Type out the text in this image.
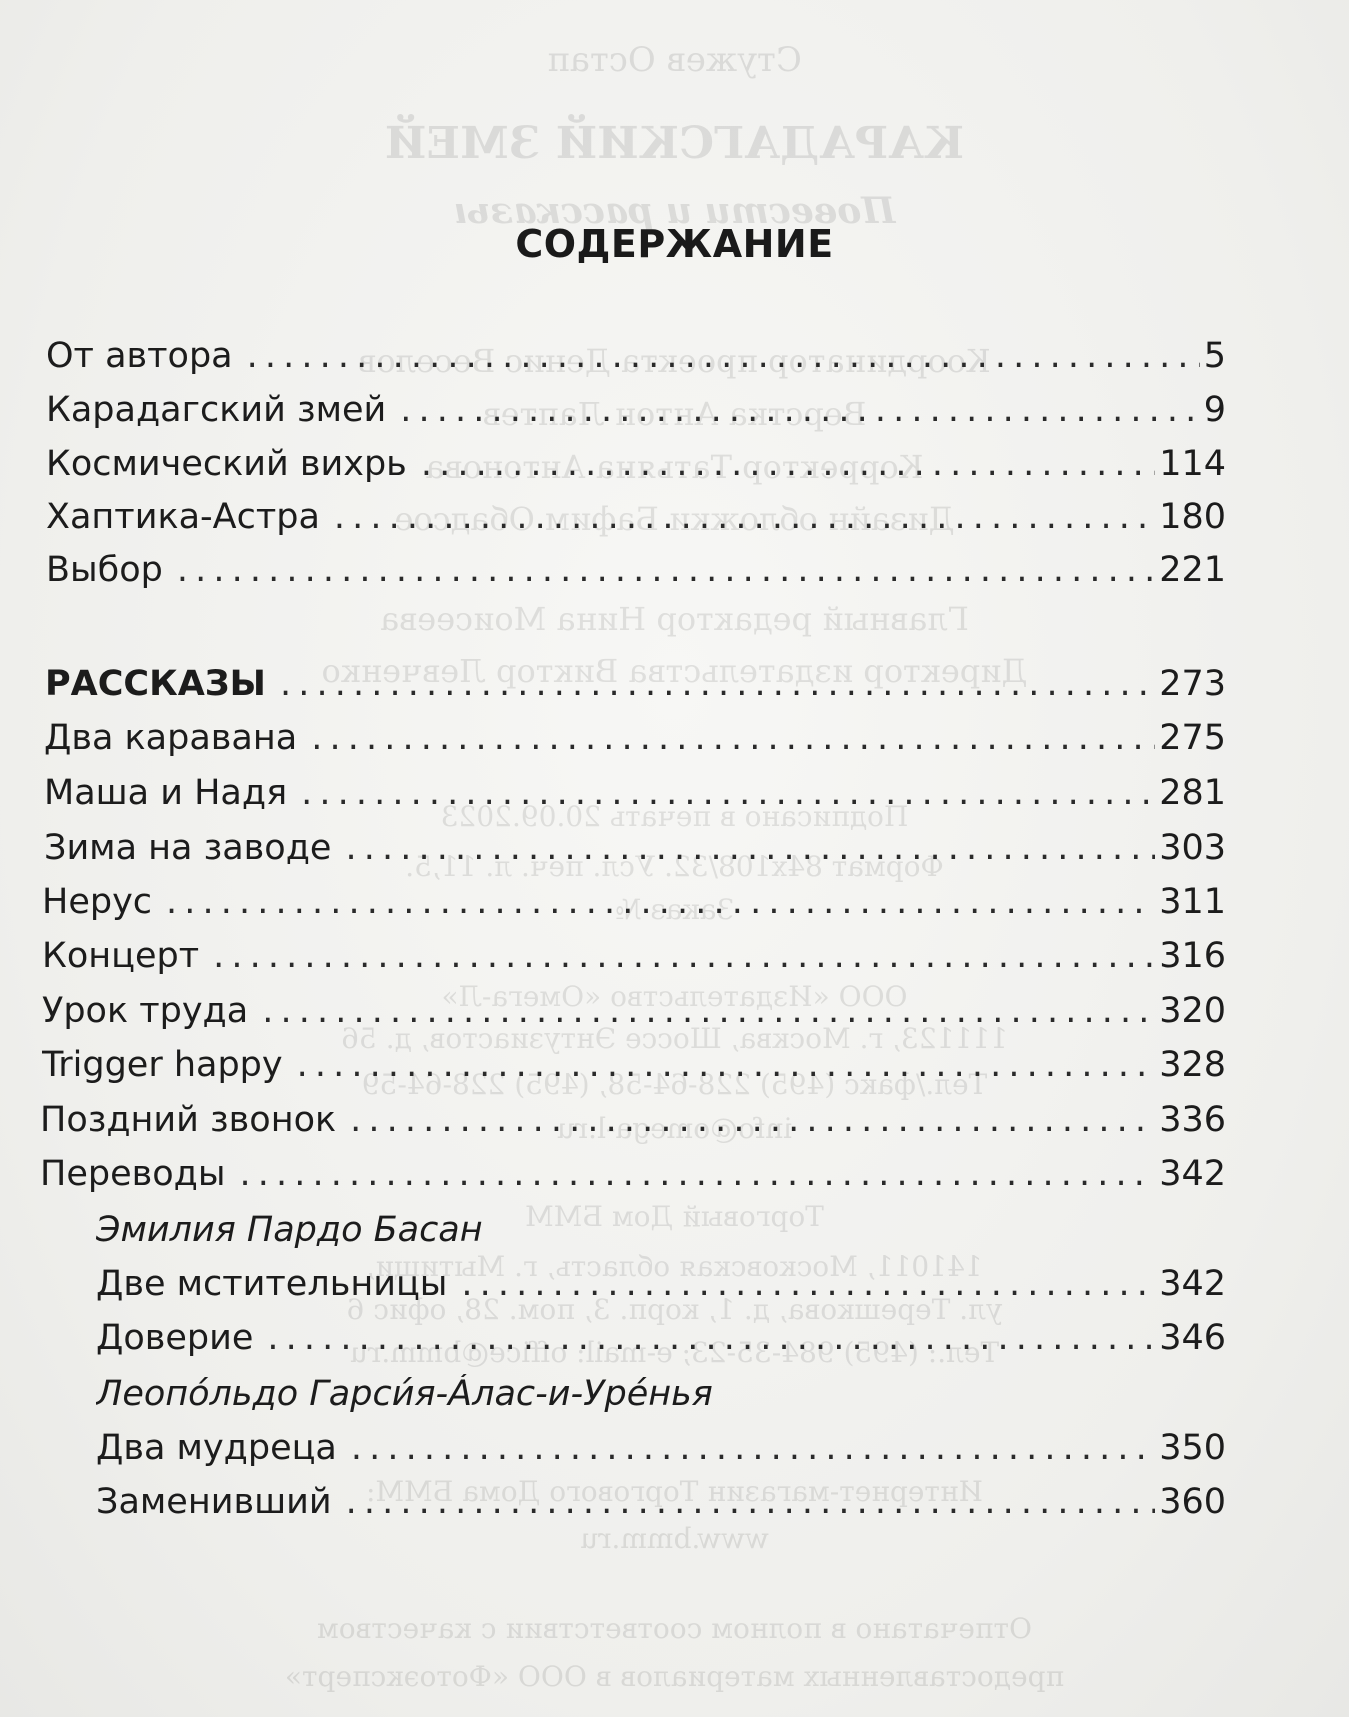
Стужев Остап
КАРАДАГСКИЙ ЗМЕЙ
Повести и рассказы
Координатор проекта Денис Веселов
Верстка Антон Лаптев
Корректор Татьяна Антонова
Дизайн обложки Бафим Обадсое
Главный редактор Нина Моисеева
Директор издательства Виктор Левченко
Подписано в печать 20.09.2023
Формат 84х108/32. Усл. печ. л. 11,5.
Заказ №
ООО «Издательство «Омега-Л»
111123, г. Москва, Шоссе Энтузиастов, д. 56
Тел./факс (495) 228-64-58, (495) 228-64-59
info@omega-l.ru
Торговый Дом БММ
141011, Московская область, г. Мытищи,
ул. Терешкова, д. 1, корп. 3, пом. 28, офис 6
Тел.: (495) 984-35-23; e-mail: office@bmm.ru
Интернет-магазин Торгового Дома БММ:
www.bmm.ru
Отпечатано в полном соответствии с качеством
предоставленных материалов в ООО «Фотоэксперт»
СОДЕРЖАНИЕ
От автора . . .	5
Карадагский змей . . .	9
Космический вихрь . . .	114
Хаптика-Астра . . .	180
Выбор . . .	221
РАССКАЗЫ . . .	273
Два каравана . . .	275
Маша и Надя . . .	281
Зима на заводе . . .	303
Нерус . . .	311
Концерт . . .	316
Урок труда . . .	320
Trigger happy . . .	328
Поздний звонок . . .	336
Переводы . . .	342
Эмилия Пардо Басан
Две мстительницы . . .	342
Доверие . . .	346
Леопо́льдо Гарси́я-А́лас-и-Уре́нья
Два мудреца . . .	350
Заменивший . . .	360
